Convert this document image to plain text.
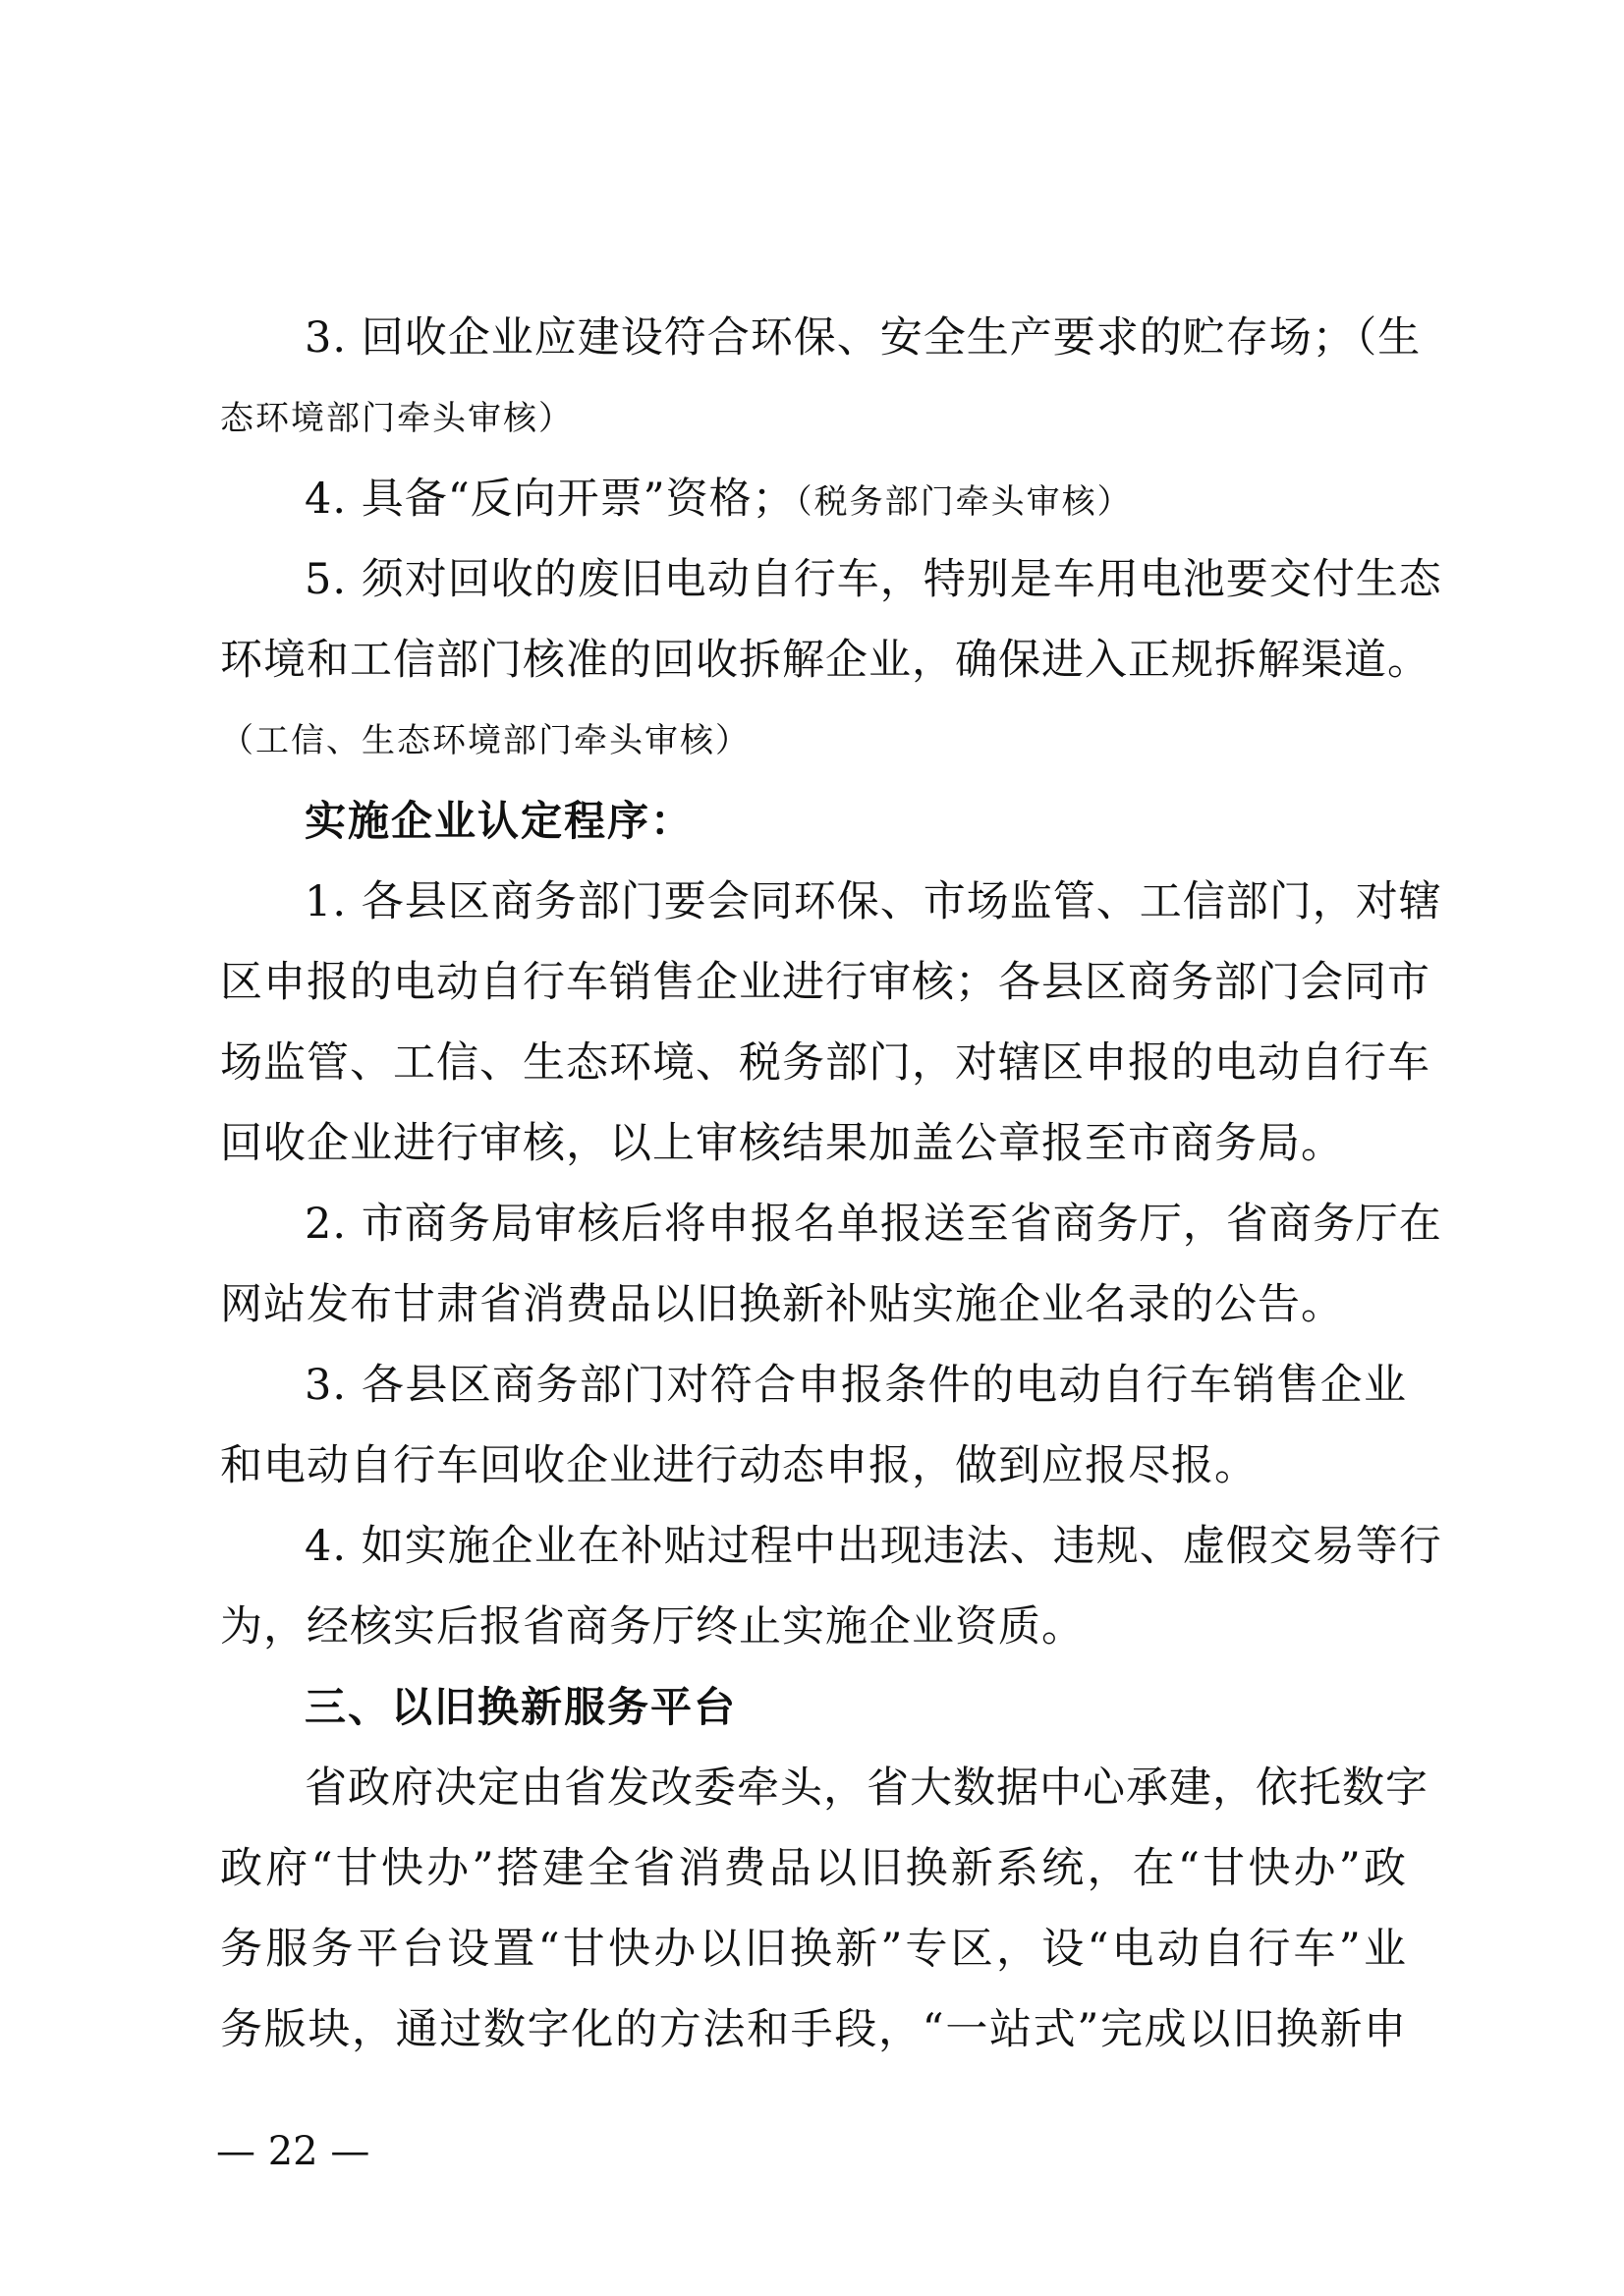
3. 回收企业应建设符合环保、安全生产要求的贮存场；（生
态环境部门牵头审核）
4. 具备“反向开票”资格；（税务部门牵头审核）
5. 须对回收的废旧电动自行车，特别是车用电池要交付生态
环境和工信部门核准的回收拆解企业，确保进入正规拆解渠道。
（工信、生态环境部门牵头审核）
实施企业认定程序：
1. 各县区商务部门要会同环保、市场监管、工信部门，对辖
区申报的电动自行车销售企业进行审核；各县区商务部门会同市
场监管、工信、生态环境、税务部门，对辖区申报的电动自行车
回收企业进行审核，以上审核结果加盖公章报至市商务局。
2. 市商务局审核后将申报名单报送至省商务厅，省商务厅在
网站发布甘肃省消费品以旧换新补贴实施企业名录的公告。
3. 各县区商务部门对符合申报条件的电动自行车销售企业
和电动自行车回收企业进行动态申报，做到应报尽报。
4. 如实施企业在补贴过程中出现违法、违规、虚假交易等行
为，经核实后报省商务厅终止实施企业资质。
三、以旧换新服务平台
省政府决定由省发改委牵头，省大数据中心承建，依托数字
政府“甘快办”搭建全省消费品以旧换新系统，在“甘快办”政
务服务平台设置“甘快办以旧换新”专区，设“电动自行车”业
务版块，通过数字化的方法和手段，“一站式”完成以旧换新申
— 22 —
